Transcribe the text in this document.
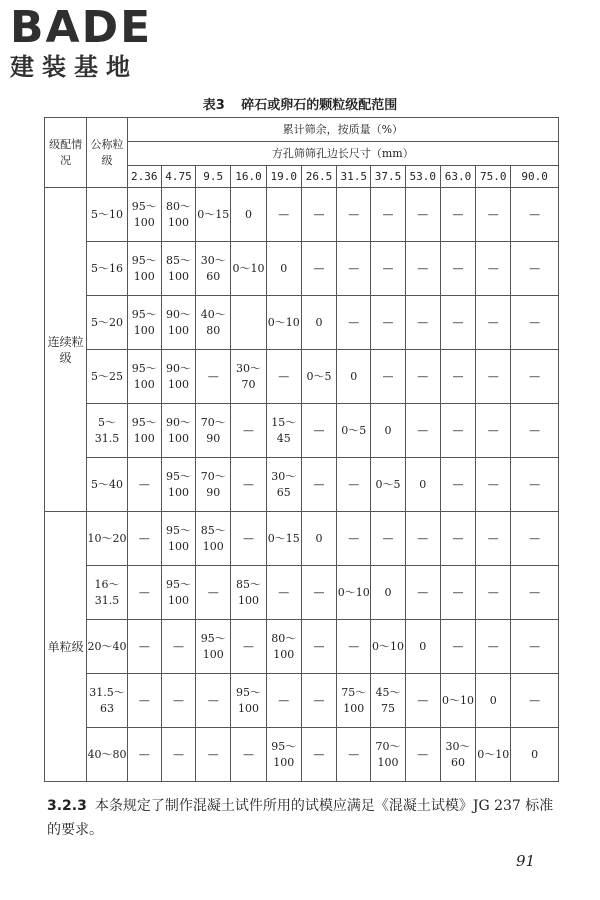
BADE
建装基地
表3 碎石或卵石的颗粒级配范围
级配情况	公称粒级	累计筛余，按质量（%）											
		方孔筛筛孔边长尺寸（mm）											
		2.36	4.75	9.5	16.0	19.0	26.5	31.5	37.5	53.0	63.0	75.0	90.0
连续粒级	5～10	95～100	80～100	0～15	0	—	—	—	—	—	—	—	—
	5～16	95～100	85～100	30～60	0～10	0	—	—	—	—	—	—	—
	5～20	95～100	90～100	40～80		0～10	0	—	—	—	—	—	—
	5～25	95～100	90～100	—	30～70	—	0～5	0	—	—	—	—	—
	5～31.5	95～100	90～100	70～90	—	15～45	—	0～5	0	—	—	—	—
	5～40	—	95～100	70～90	—	30～65	—	—	0～5	0	—	—	—
单粒级	10～20	—	95～100	85～100	—	0～15	0	—	—	—	—	—	—
	16～31.5	—	95～100	—	85～100	—	—	0～10	0	—	—	—	—
	20～40	—	—	95～100	—	80～100	—	—	0～10	0	—	—	—
	31.5～63	—	—	—	95～100	—	—	75～100	45～75	—	0～10	0	—
	40～80	—	—	—	—	95～100	—	—	70～100	—	30～60	0～10	0
3.2.3 本条规定了制作混凝土试件所用的试模应满足《混凝土试模》JG 237 标准的要求。
91
